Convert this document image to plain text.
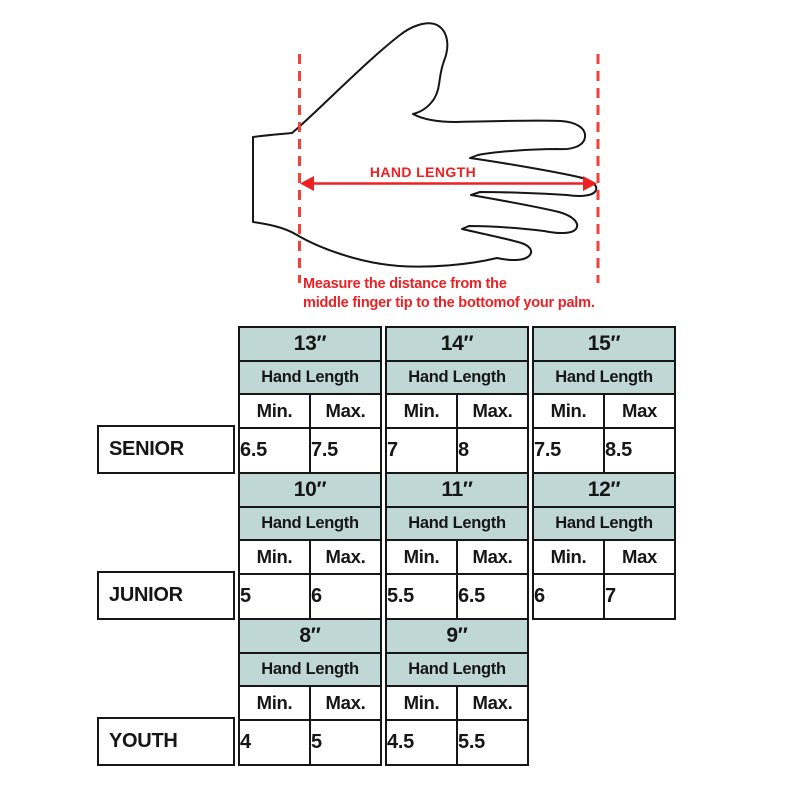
HAND LENGTH
Measure the distance from the
middle finger tip to the bottomof your palm.
SENIOR
13″	
Hand Length	
Min.	Max.
6.5	7.5
14″	
Hand Length	
Min.	Max.
7	8
15″	
Hand Length	
Min.	Max
7.5	8.5
JUNIOR
10″	
Hand Length	
Min.	Max.
5	6
11″	
Hand Length	
Min.	Max.
5.5	6.5
12″	
Hand Length	
Min.	Max
6	7
YOUTH
8″	
Hand Length	
Min.	Max.
4	5
9″	
Hand Length	
Min.	Max.
4.5	5.5
